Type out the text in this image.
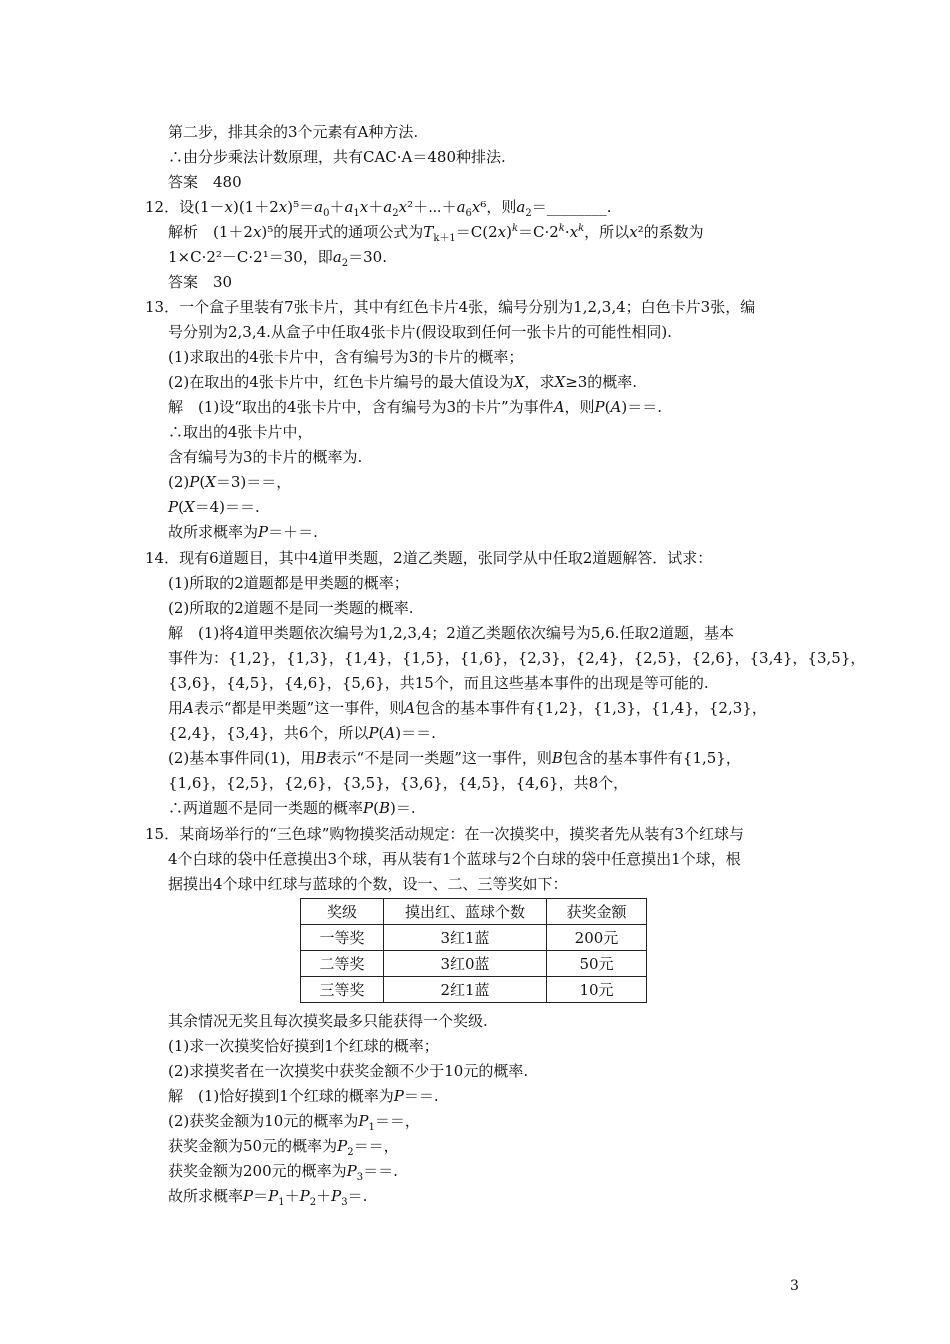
第二步，排其余的3个元素有A种方法.
∴由分步乘法计数原理，共有CAC·A＝480种排法.
答案　480
12．设$(1-x)(1+2x)^5=a_0+a_1x+a_2x^2+\cdots+a_6x^6$，则$a_2=\_\_\_\_\_\_\_\_$.
解析　(1＋2x)⁵的展开式的通项公式为$T_{k+1}=C(2x)^k=C\cdot 2^k\cdot x^k$，所以x²的系数为
1×C·2²－C·2¹＝30，即$a_2=30$.
答案　30
13．一个盒子里装有7张卡片，其中有红色卡片4张，编号分别为1,2,3,4；白色卡片3张，编
号分别为2,3,4.从盒子中任取4张卡片(假设取到任何一张卡片的可能性相同).
(1)求取出的4张卡片中，含有编号为3的卡片的概率；
(2)在取出的4张卡片中，红色卡片编号的最大值设为X，求X≥3的概率.
解　(1)设“取出的4张卡片中，含有编号为3的卡片”为事件A，则P(A)＝＝.
∴取出的4张卡片中，
含有编号为3的卡片的概率为.
(2)P(X＝3)＝＝，
P(X＝4)＝＝.
故所求概率为P＝＋＝.
14．现有6道题目，其中4道甲类题，2道乙类题，张同学从中任取2道题解答．试求：
(1)所取的2道题都是甲类题的概率；
(2)所取的2道题不是同一类题的概率.
解　(1)将4道甲类题依次编号为1,2,3,4；2道乙类题依次编号为5,6.任取2道题，基本
事件为：{1,2}，{1,3}，{1,4}，{1,5}，{1,6}，{2,3}，{2,4}，{2,5}，{2,6}，{3,4}，{3,5}，
{3,6}，{4,5}，{4,6}，{5,6}，共15个，而且这些基本事件的出现是等可能的.
用A表示“都是甲类题”这一事件，则A包含的基本事件有{1,2}，{1,3}，{1,4}，{2,3}，
{2,4}，{3,4}，共6个，所以P(A)＝＝.
(2)基本事件同(1)，用B表示“不是同一类题”这一事件，则B包含的基本事件有{1,5}，
{1,6}，{2,5}，{2,6}，{3,5}，{3,6}，{4,5}，{4,6}，共8个，
∴两道题不是同一类题的概率P(B)＝.
15．某商场举行的“三色球”购物摸奖活动规定：在一次摸奖中，摸奖者先从装有3个红球与
4个白球的袋中任意摸出3个球，再从装有1个蓝球与2个白球的袋中任意摸出1个球，根
据摸出4个球中红球与蓝球的个数，设一、二、三等奖如下：
奖级	摸出红、蓝球个数	获奖金额
一等奖	3红1蓝	200元
二等奖	3红0蓝	50元
三等奖	2红1蓝	10元
其余情况无奖且每次摸奖最多只能获得一个奖级.
(1)求一次摸奖恰好摸到1个红球的概率；
(2)求摸奖者在一次摸奖中获奖金额不少于10元的概率.
解　(1)恰好摸到1个红球的概率为P＝＝.
(2)获奖金额为10元的概率为$P_1==$，
获奖金额为50元的概率为$P_2==$，
获奖金额为200元的概率为$P_3==$.
故所求概率$P=P_1+P_2+P_3=$.
3
